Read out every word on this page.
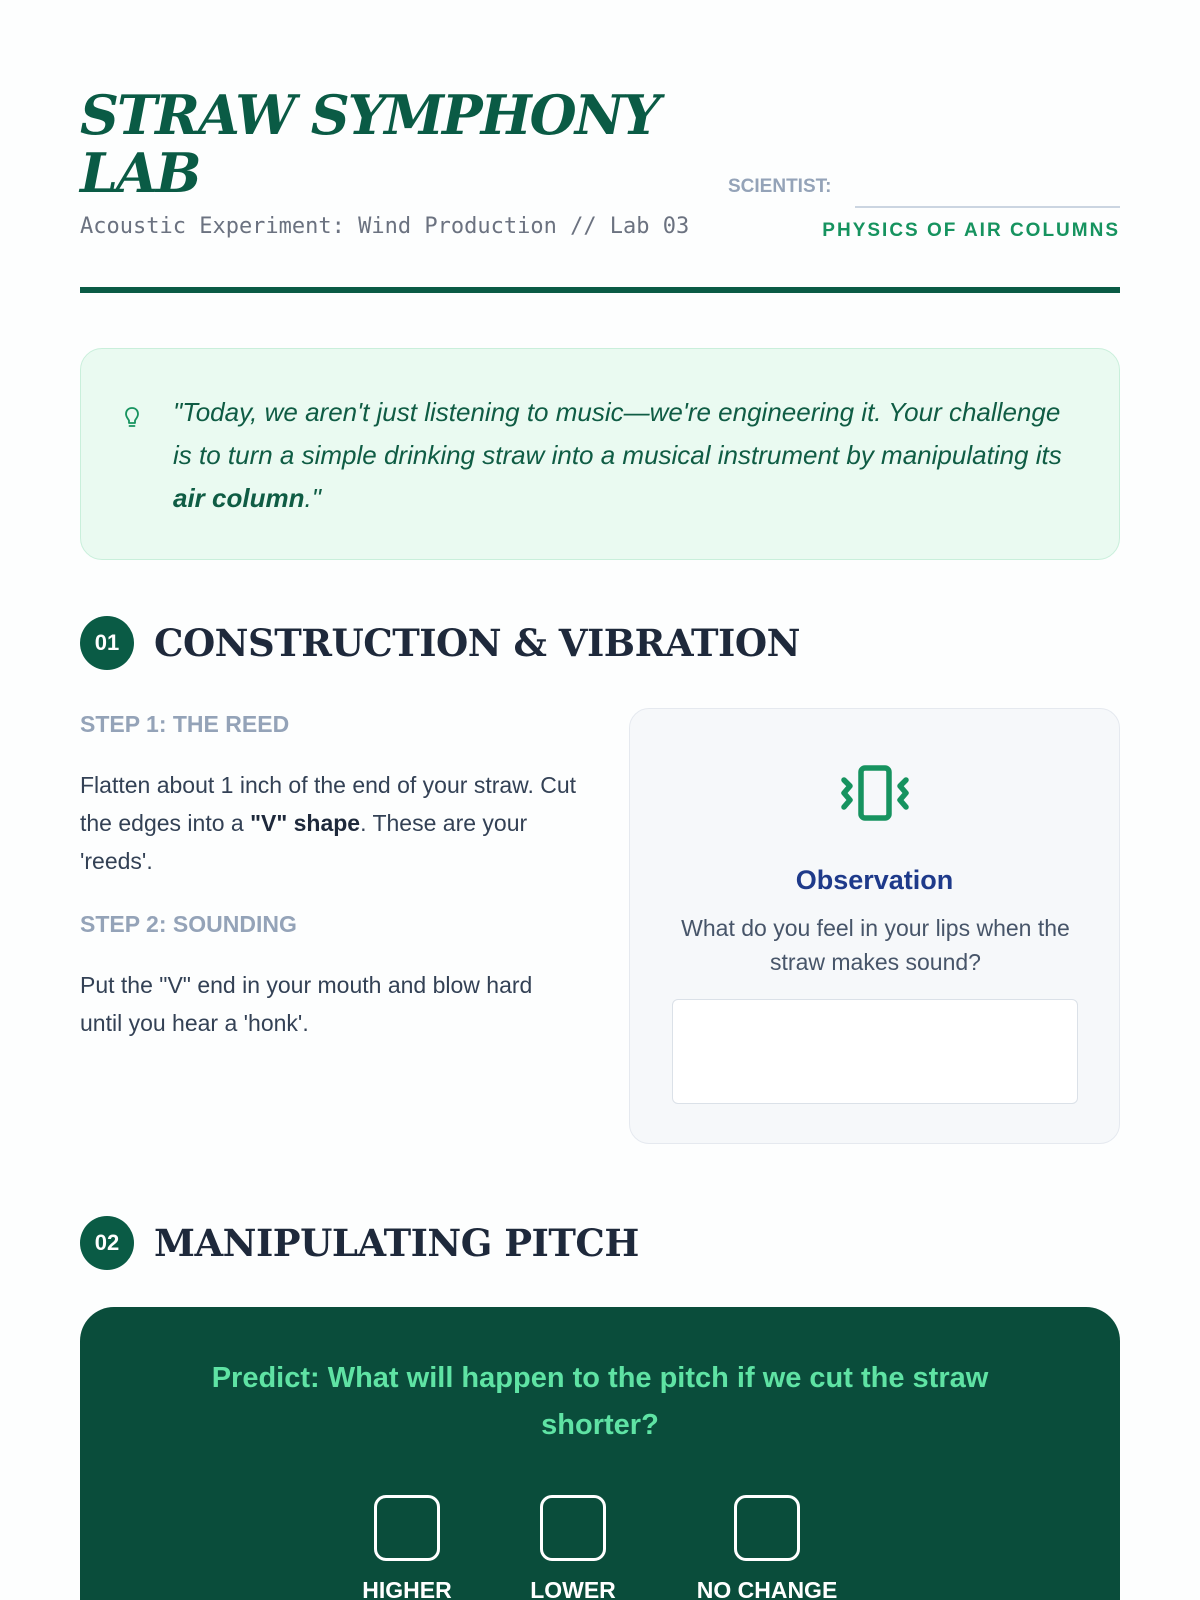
STRAW SYMPHONY LAB
Acoustic Experiment: Wind Production // Lab 03
SCIENTIST:
PHYSICS OF AIR COLUMNS
"Today, we aren't just listening to music—we're engineering it. Your challenge is to turn a simple drinking straw into a musical instrument by manipulating its air column."
01 CONSTRUCTION & VIBRATION
STEP 1: THE REED
Flatten about 1 inch of the end of your straw. Cut the edges into a "V" shape. These are your 'reeds'.
STEP 2: SOUNDING
Put the "V" end in your mouth and blow hard until you hear a 'honk'.
Observation
What do you feel in your lips when the straw makes sound?
02 MANIPULATING PITCH
Predict: What will happen to the pitch if we cut the straw shorter?
HIGHER	LOWER	NO CHANGE
